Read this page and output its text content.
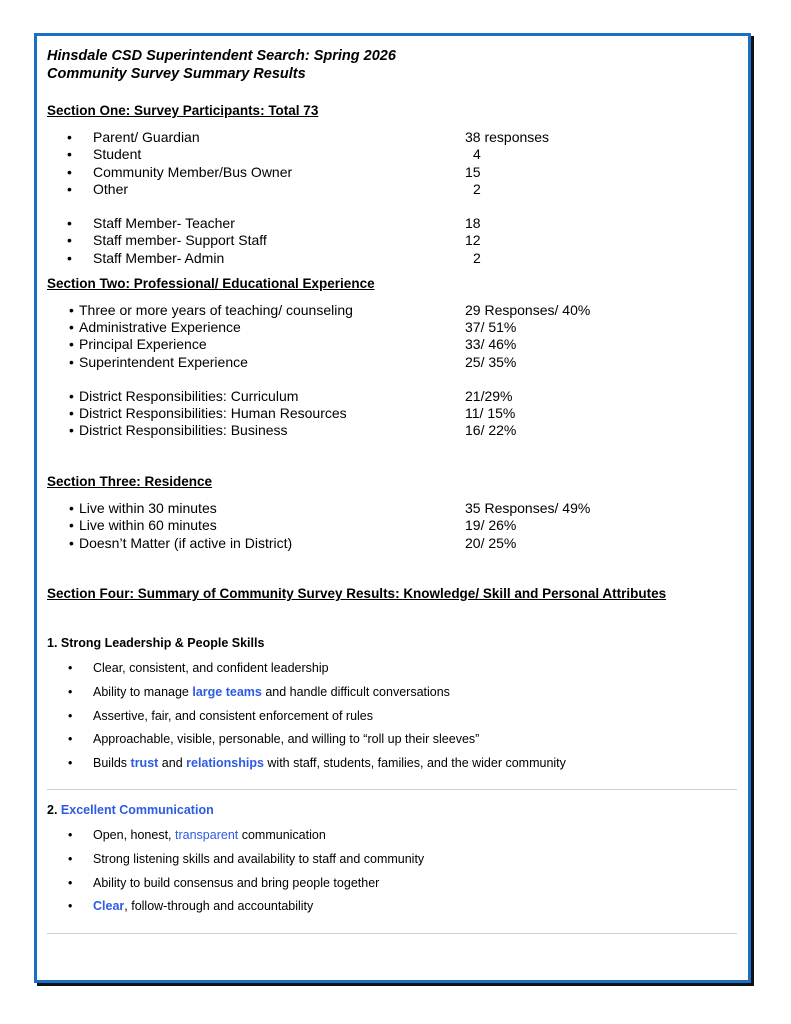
Hinsdale CSD Superintendent Search: Spring 2026
Community Survey Summary Results
Section One: Survey Participants: Total 73
• Parent/ Guardian	38 responses
• Student	4
• Community Member/Bus Owner	15
• Other	2
• Staff Member- Teacher	18
• Staff member- Support Staff	12
• Staff Member- Admin	2
Section Two: Professional/ Educational Experience
• Three or more years of teaching/ counseling	29 Responses/ 40%
• Administrative Experience	37/ 51%
• Principal Experience	33/ 46%
• Superintendent Experience	25/ 35%
• District Responsibilities: Curriculum	21/29%
• District Responsibilities: Human Resources	11/ 15%
• District Responsibilities: Business	16/ 22%
Section Three: Residence
• Live within 30 minutes	35 Responses/ 49%
• Live within 60 minutes	19/ 26%
• Doesn’t Matter (if active in District)	20/ 25%
Section Four: Summary of Community Survey Results: Knowledge/ Skill and Personal Attributes
1. Strong Leadership & People Skills
• Clear, consistent, and confident leadership
• Ability to manage large teams and handle difficult conversations
• Assertive, fair, and consistent enforcement of rules
• Approachable, visible, personable, and willing to “roll up their sleeves”
• Builds trust and relationships with staff, students, families, and the wider community
2. Excellent Communication
• Open, honest, transparent communication
• Strong listening skills and availability to staff and community
• Ability to build consensus and bring people together
• Clear, follow-through and accountability
